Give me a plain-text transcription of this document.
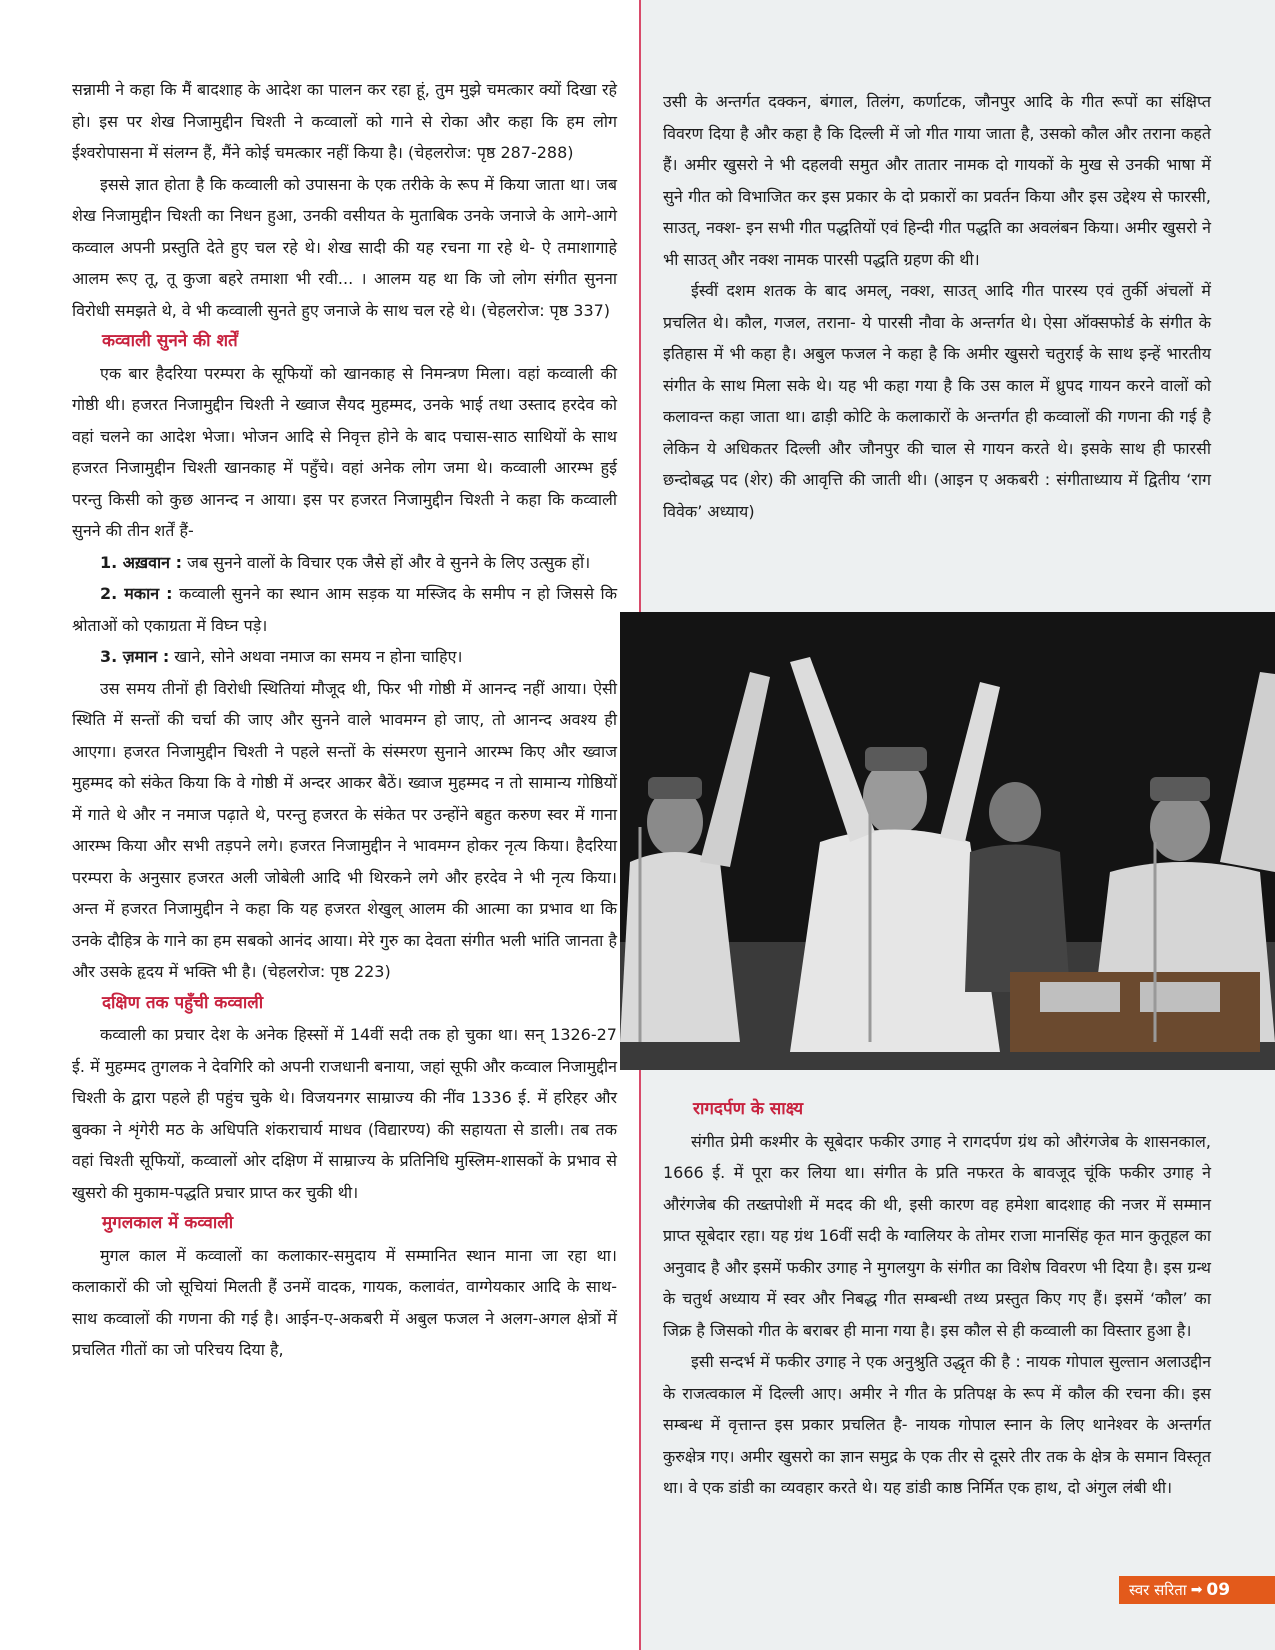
सन्नामी ने कहा कि मैं बादशाह के आदेश का पालन कर रहा हूं, तुम मुझे चमत्कार क्यों दिखा रहे हो। इस पर शेख निजामुद्दीन चिश्ती ने कव्वालों को गाने से रोका और कहा कि हम लोग ईश्वरोपासना में संलग्न हैं, मैंने कोई चमत्कार नहीं किया है। (चेहलरोज: पृष्ठ 287-288)

इससे ज्ञात होता है कि कव्वाली को उपासना के एक तरीके के रूप में किया जाता था। जब शेख निजामुद्दीन चिश्ती का निधन हुआ, उनकी वसीयत के मुताबिक उनके जनाजे के आगे-आगे कव्वाल अपनी प्रस्तुति देते हुए चल रहे थे। शेख सादी की यह रचना गा रहे थे- ऐ तमाशागाहे आलम रूए तू, तू कुजा बहरे तमाशा भी रवी... । आलम यह था कि जो लोग संगीत सुनना विरोधी समझते थे, वे भी कव्वाली सुनते हुए जनाजे के साथ चल रहे थे। (चेहलरोज: पृष्ठ 337)

कव्वाली सुनने की शर्तें

एक बार हैदरिया परम्परा के सूफियों को खानकाह से निमन्त्रण मिला। वहां कव्वाली की गोष्ठी थी। हजरत निजामुद्दीन चिश्ती ने ख्वाज सैयद मुहम्मद, उनके भाई तथा उस्ताद हरदेव को वहां चलने का आदेश भेजा। भोजन आदि से निवृत्त होने के बाद पचास-साठ साथियों के साथ हजरत निजामुद्दीन चिश्ती खानकाह में पहुँचे। वहां अनेक लोग जमा थे। कव्वाली आरम्भ हुई परन्तु किसी को कुछ आनन्द न आया। इस पर हजरत निजामुद्दीन चिश्ती ने कहा कि कव्वाली सुनने की तीन शर्तें हैं-

1. अख़वान : जब सुनने वालों के विचार एक जैसे हों और वे सुनने के लिए उत्सुक हों।

2. मकान : कव्वाली सुनने का स्थान आम सड़क या मस्जिद के समीप न हो जिससे कि श्रोताओं को एकाग्रता में विघ्न पड़े।

3. ज़मान : खाने, सोने अथवा नमाज का समय न होना चाहिए।

उस समय तीनों ही विरोधी स्थितियां मौजूद थी, फिर भी गोष्ठी में आनन्द नहीं आया। ऐसी स्थिति में सन्तों की चर्चा की जाए और सुनने वाले भावमग्न हो जाए, तो आनन्द अवश्य ही आएगा। हजरत निजामुद्दीन चिश्ती ने पहले सन्तों के संस्मरण सुनाने आरम्भ किए और ख्वाज मुहम्मद को संकेत किया कि वे गोष्ठी में अन्दर आकर बैठें। ख्वाज मुहम्मद न तो सामान्य गोष्ठियों में गाते थे और न नमाज पढ़ाते थे, परन्तु हजरत के संकेत पर उन्होंने बहुत करुण स्वर में गाना आरम्भ किया और सभी तड़पने लगे। हजरत निजामुद्दीन ने भावमग्न होकर नृत्य किया। हैदरिया परम्परा के अनुसार हजरत अली जोबेली आदि भी थिरकने लगे और हरदेव ने भी नृत्य किया। अन्त में हजरत निजामुद्दीन ने कहा कि यह हजरत शेखुल् आलम की आत्मा का प्रभाव था कि उनके दौहित्र के गाने का हम सबको आनंद आया। मेरे गुरु का देवता संगीत भली भांति जानता है और उसके हृदय में भक्ति भी है। (चेहलरोज: पृष्ठ 223)

दक्षिण तक पहुँची कव्वाली

कव्वाली का प्रचार देश के अनेक हिस्सों में 14वीं सदी तक हो चुका था। सन् 1326-27 ई. में मुहम्मद तुगलक ने देवगिरि को अपनी राजधानी बनाया, जहां सूफी और कव्वाल निजामुद्दीन चिश्ती के द्वारा पहले ही पहुंच चुके थे। विजयनगर साम्राज्य की नींव 1336 ई. में हरिहर और बुक्का ने शृंगेरी मठ के अधिपति शंकराचार्य माधव (विद्यारण्य) की सहायता से डाली। तब तक वहां चिश्ती सूफियों, कव्वालों ओर दक्षिण में साम्राज्य के प्रतिनिधि मुस्लिम-शासकों के प्रभाव से खुसरो की मुकाम-पद्धति प्रचार प्राप्त कर चुकी थी।

मुगलकाल में कव्वाली

मुगल काल में कव्वालों का कलाकार-समुदाय में सम्मानित स्थान माना जा रहा था। कलाकारों की जो सूचियां मिलती हैं उनमें वादक, गायक, कलावंत, वाग्गेयकार आदि के साथ-साथ कव्वालों की गणना की गई है। आईन-ए-अकबरी में अबुल फजल ने अलग-अगल क्षेत्रों में प्रचलित गीतों का जो परिचय दिया है,

उसी के अन्तर्गत दक्कन, बंगाल, तिलंग, कर्णाटक, जौनपुर आदि के गीत रूपों का संक्षिप्त विवरण दिया है और कहा है कि दिल्ली में जो गीत गाया जाता है, उसको कौल और तराना कहते हैं। अमीर खुसरो ने भी दहलवी समुत और तातार नामक दो गायकों के मुख से उनकी भाषा में सुने गीत को विभाजित कर इस प्रकार के दो प्रकारों का प्रवर्तन किया और इस उद्देश्य से फारसी, साउत्, नक्श- इन सभी गीत पद्धतियों एवं हिन्दी गीत पद्धति का अवलंबन किया। अमीर खुसरो ने भी साउत् और नक्श नामक पारसी पद्धति ग्रहण की थी।

ईस्वीं दशम शतक के बाद अमल्, नक्श, साउत् आदि गीत पारस्य एवं तुर्की अंचलों में प्रचलित थे। कौल, गजल, तराना- ये पारसी नौवा के अन्तर्गत थे। ऐसा ऑक्सफोर्ड के संगीत के इतिहास में भी कहा है। अबुल फजल ने कहा है कि अमीर खुसरो चतुराई के साथ इन्हें भारतीय संगीत के साथ मिला सके थे। यह भी कहा गया है कि उस काल में ध्रुपद गायन करने वालों को कलावन्त कहा जाता था। ढाड़ी कोटि के कलाकारों के अन्तर्गत ही कव्वालों की गणना की गई है लेकिन ये अधिकतर दिल्ली और जौनपुर की चाल से गायन करते थे। इसके साथ ही फारसी छन्दोबद्ध पद (शेर) की आवृत्ति की जाती थी। (आइन ए अकबरी : संगीताध्याय में द्वितीय ‘राग विवेक’ अध्याय)

रागदर्पण के साक्ष्य

संगीत प्रेमी कश्मीर के सूबेदार फकीर उगाह ने रागदर्पण ग्रंथ को औरंगजेब के शासनकाल, 1666 ई. में पूरा कर लिया था। संगीत के प्रति नफरत के बावजूद चूंकि फकीर उगाह ने औरंगजेब की तख्तपोशी में मदद की थी, इसी कारण वह हमेशा बादशाह की नजर में सम्मान प्राप्त सूबेदार रहा। यह ग्रंथ 16वीं सदी के ग्वालियर के तोमर राजा मानसिंह कृत मान कुतूहल का अनुवाद है और इसमें फकीर उगाह ने मुगलयुग के संगीत का विशेष विवरण भी दिया है। इस ग्रन्थ के चतुर्थ अध्याय में स्वर और निबद्ध गीत सम्बन्धी तथ्य प्रस्तुत किए गए हैं। इसमें ‘कौल’ का जिक्र है जिसको गीत के बराबर ही माना गया है। इस कौल से ही कव्वाली का विस्तार हुआ है।

इसी सन्दर्भ में फकीर उगाह ने एक अनुश्रुति उद्धृत की है : नायक गोपाल सुल्तान अलाउद्दीन के राजत्वकाल में दिल्ली आए। अमीर ने गीत के प्रतिपक्ष के रूप में कौल की रचना की। इस सम्बन्ध में वृत्तान्त इस प्रकार प्रचलित है- नायक गोपाल स्नान के लिए थानेश्वर के अन्तर्गत कुरुक्षेत्र गए। अमीर खुसरो का ज्ञान समुद्र के एक तीर से दूसरे तीर तक के क्षेत्र के समान विस्तृत था। वे एक डांडी का व्यवहार करते थे। यह डांडी काष्ठ निर्मित एक हाथ, दो अंगुल लंबी थी।

स्वर सरिता ➡ 09
